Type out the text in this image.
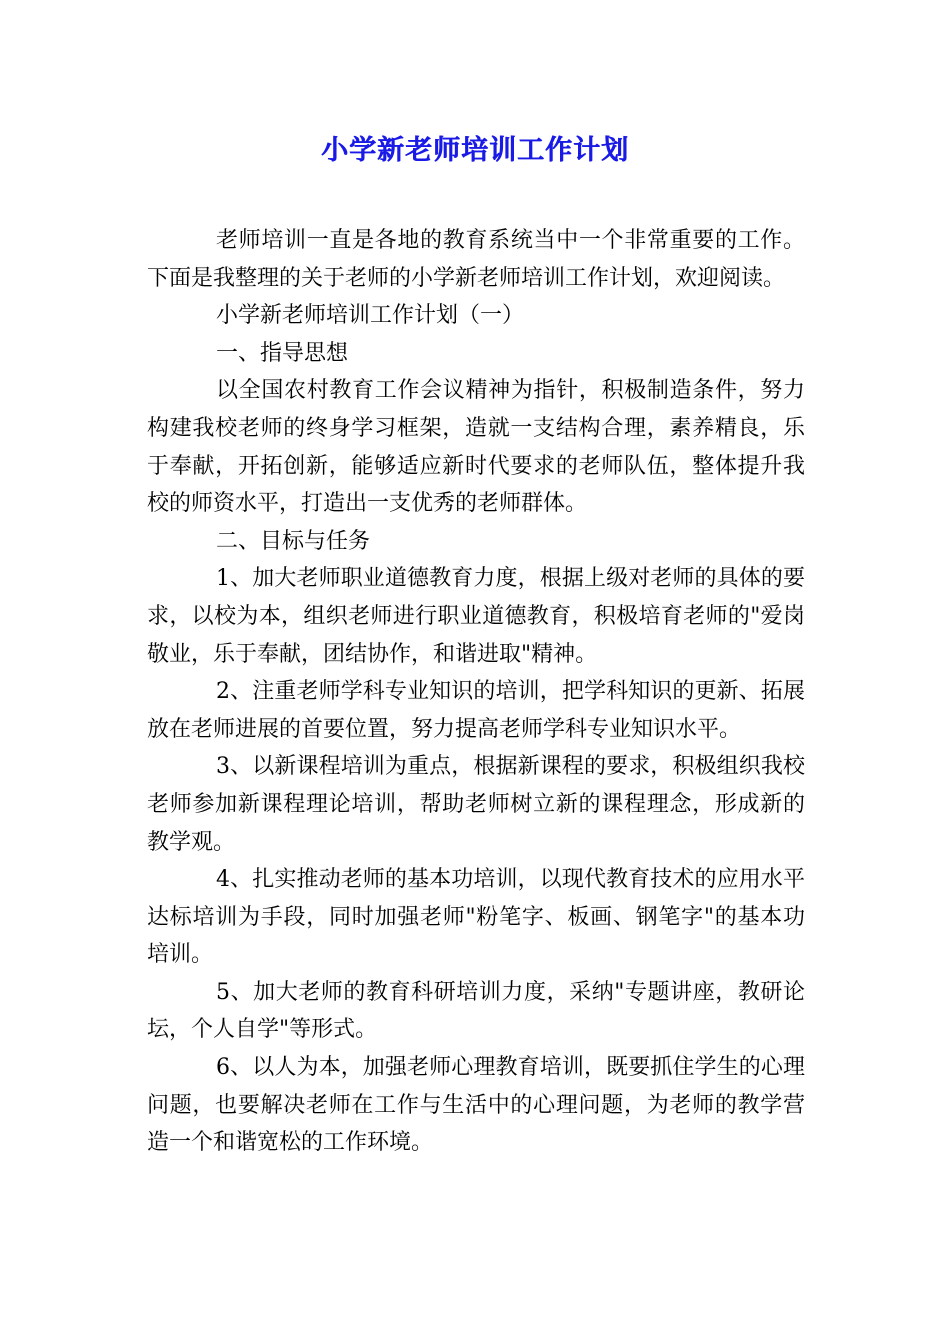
小学新老师培训工作计划

老师培训一直是各地的教育系统当中一个非常重要的工作。下面是我整理的关于老师的小学新老师培训工作计划，欢迎阅读。

小学新老师培训工作计划（一）

一、指导思想

以全国农村教育工作会议精神为指针，积极制造条件，努力构建我校老师的终身学习框架，造就一支结构合理，素养精良，乐于奉献，开拓创新，能够适应新时代要求的老师队伍，整体提升我校的师资水平，打造出一支优秀的老师群体。

二、目标与任务

1、加大老师职业道德教育力度，根据上级对老师的具体的要求，以校为本，组织老师进行职业道德教育，积极培育老师的"爱岗敬业，乐于奉献，团结协作，和谐进取"精神。

2、注重老师学科专业知识的培训，把学科知识的更新、拓展放在老师进展的首要位置，努力提高老师学科专业知识水平。

3、以新课程培训为重点，根据新课程的要求，积极组织我校老师参加新课程理论培训，帮助老师树立新的课程理念，形成新的教学观。

4、扎实推动老师的基本功培训，以现代教育技术的应用水平达标培训为手段，同时加强老师"粉笔字、板画、钢笔字"的基本功培训。

5、加大老师的教育科研培训力度，采纳"专题讲座，教研论坛，个人自学"等形式。

6、以人为本，加强老师心理教育培训，既要抓住学生的心理问题，也要解决老师在工作与生活中的心理问题，为老师的教学营造一个和谐宽松的工作环境。
